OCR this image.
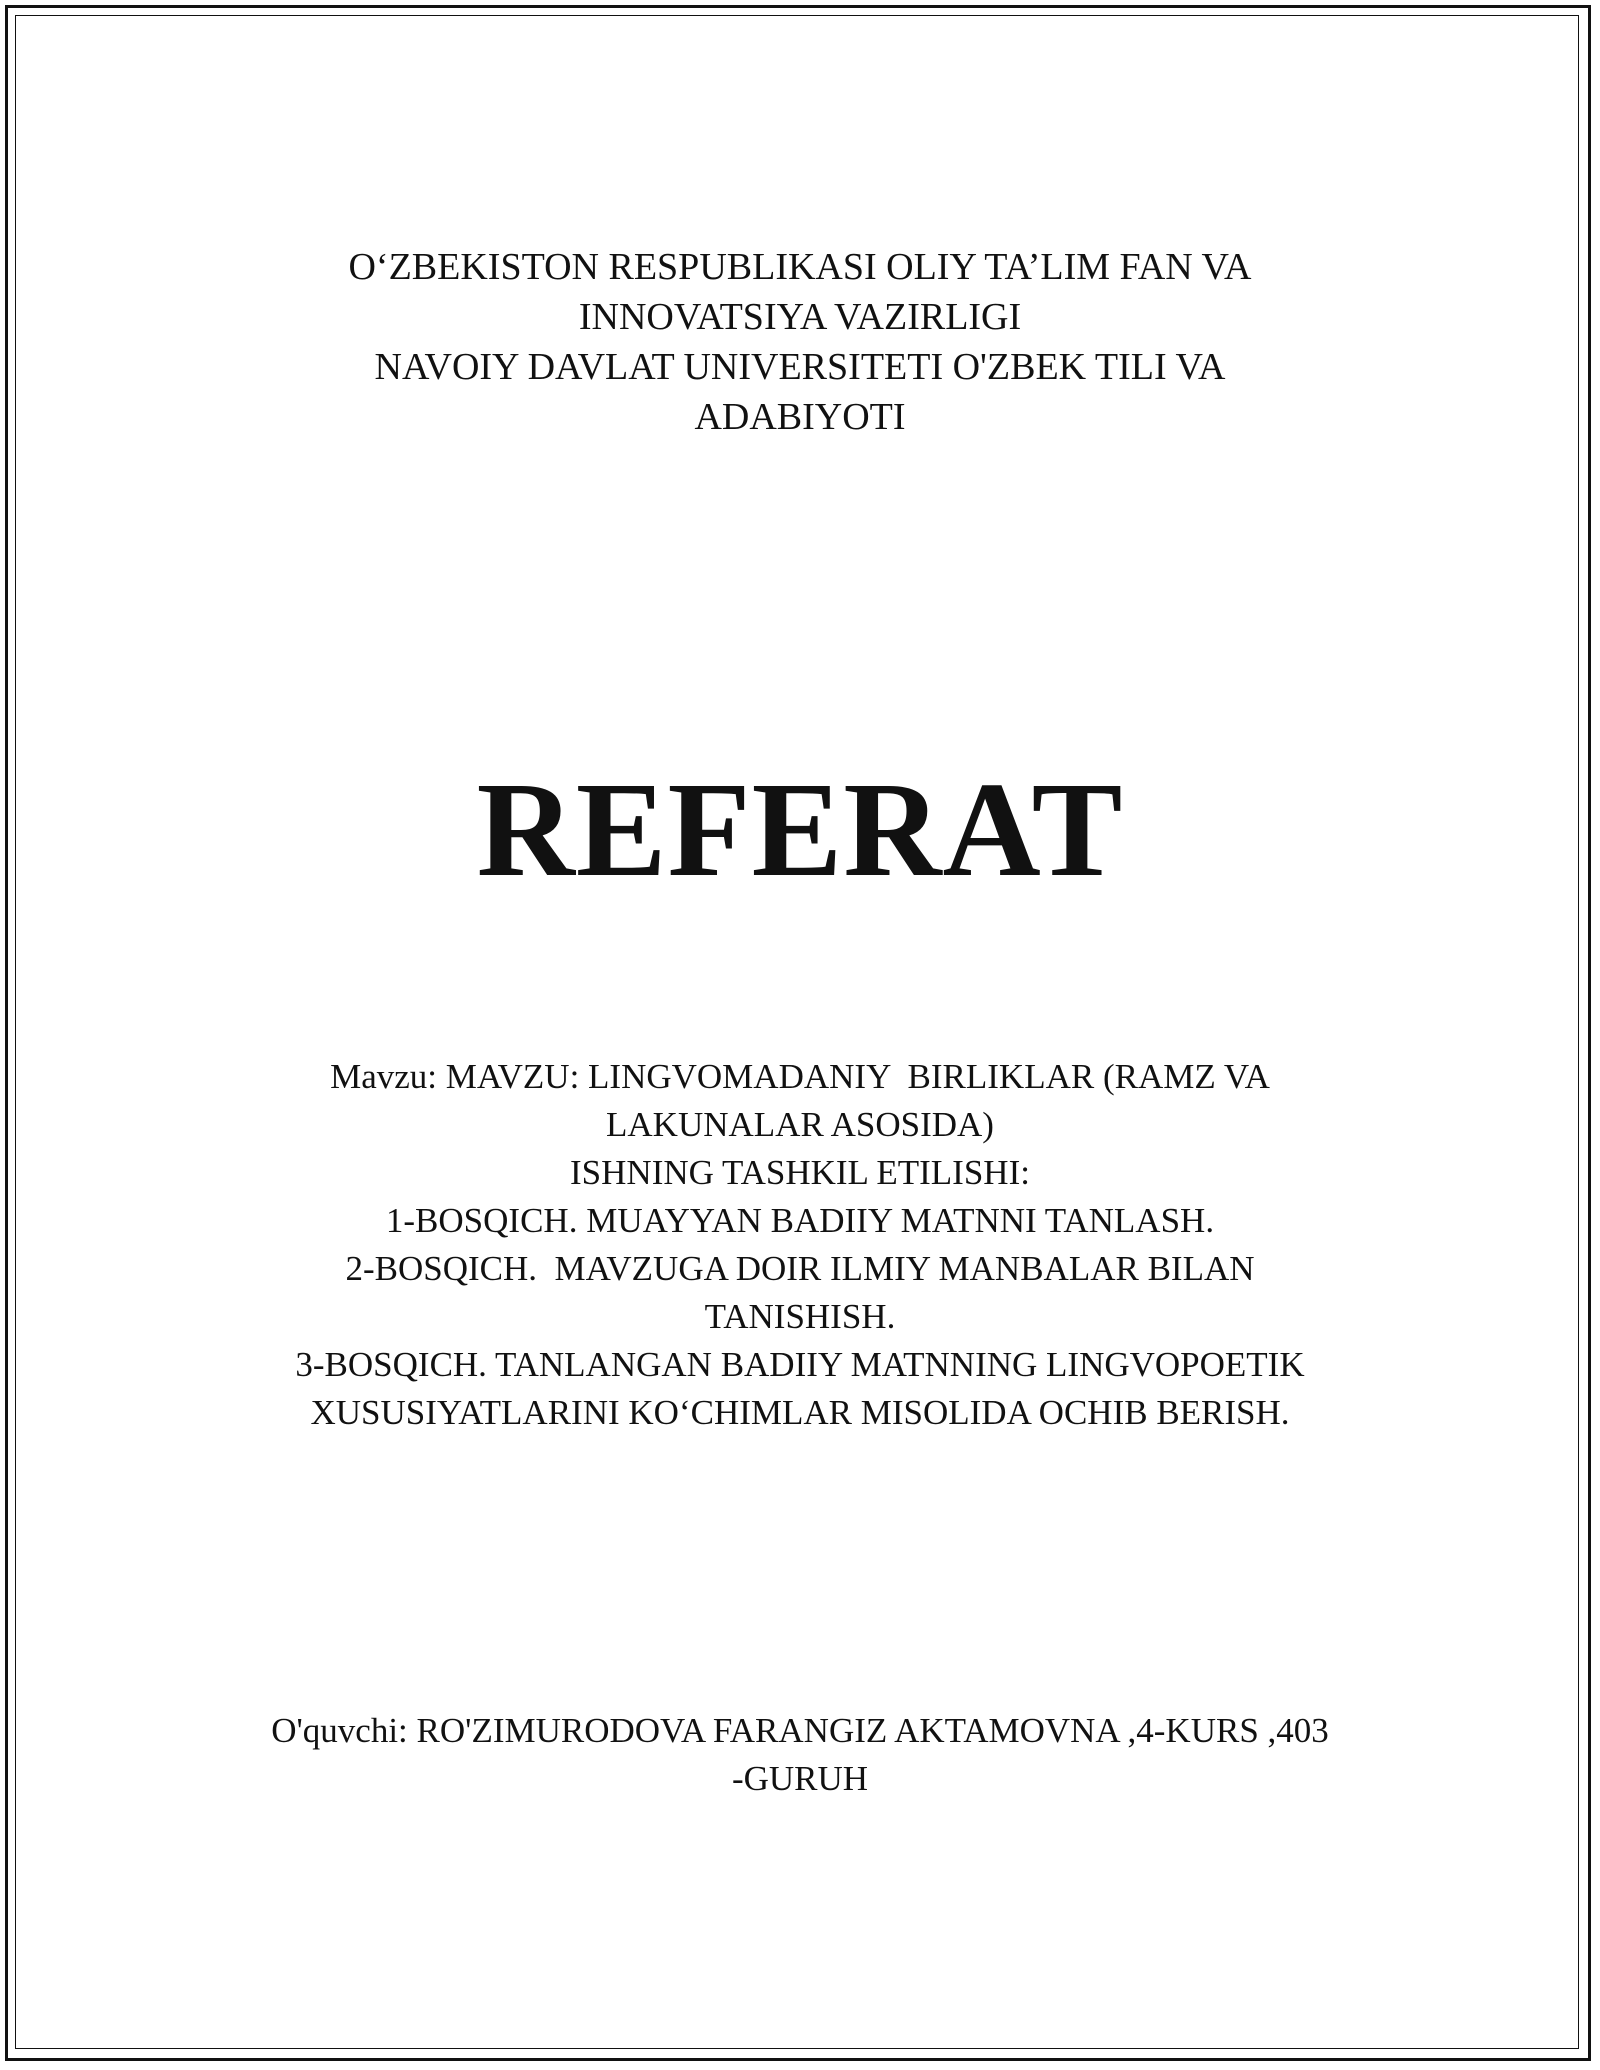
O‘ZBEKISTON RESPUBLIKASI OLIY TA’LIM FAN VA
INNOVATSIYA VAZIRLIGI
NAVOIY DAVLAT UNIVERSITETI O'ZBEK TILI VA
ADABIYOTI
REFERAT
Mavzu: MAVZU: LINGVOMADANIY  BIRLIKLAR (RAMZ VA
LAKUNALAR ASOSIDA)
ISHNING TASHKIL ETILISHI:
1-BOSQICH. MUAYYAN BADIIY MATNNI TANLASH.
2-BOSQICH.  MAVZUGA DOIR ILMIY MANBALAR BILAN
TANISHISH.
3-BOSQICH. TANLANGAN BADIIY MATNNING LINGVOPOETIK
XUSUSIYATLARINI KO‘CHIMLAR MISOLIDA OCHIB BERISH.
O'quvchi: RO'ZIMURODOVA FARANGIZ AKTAMOVNA ,4-KURS ,403
-GURUH
